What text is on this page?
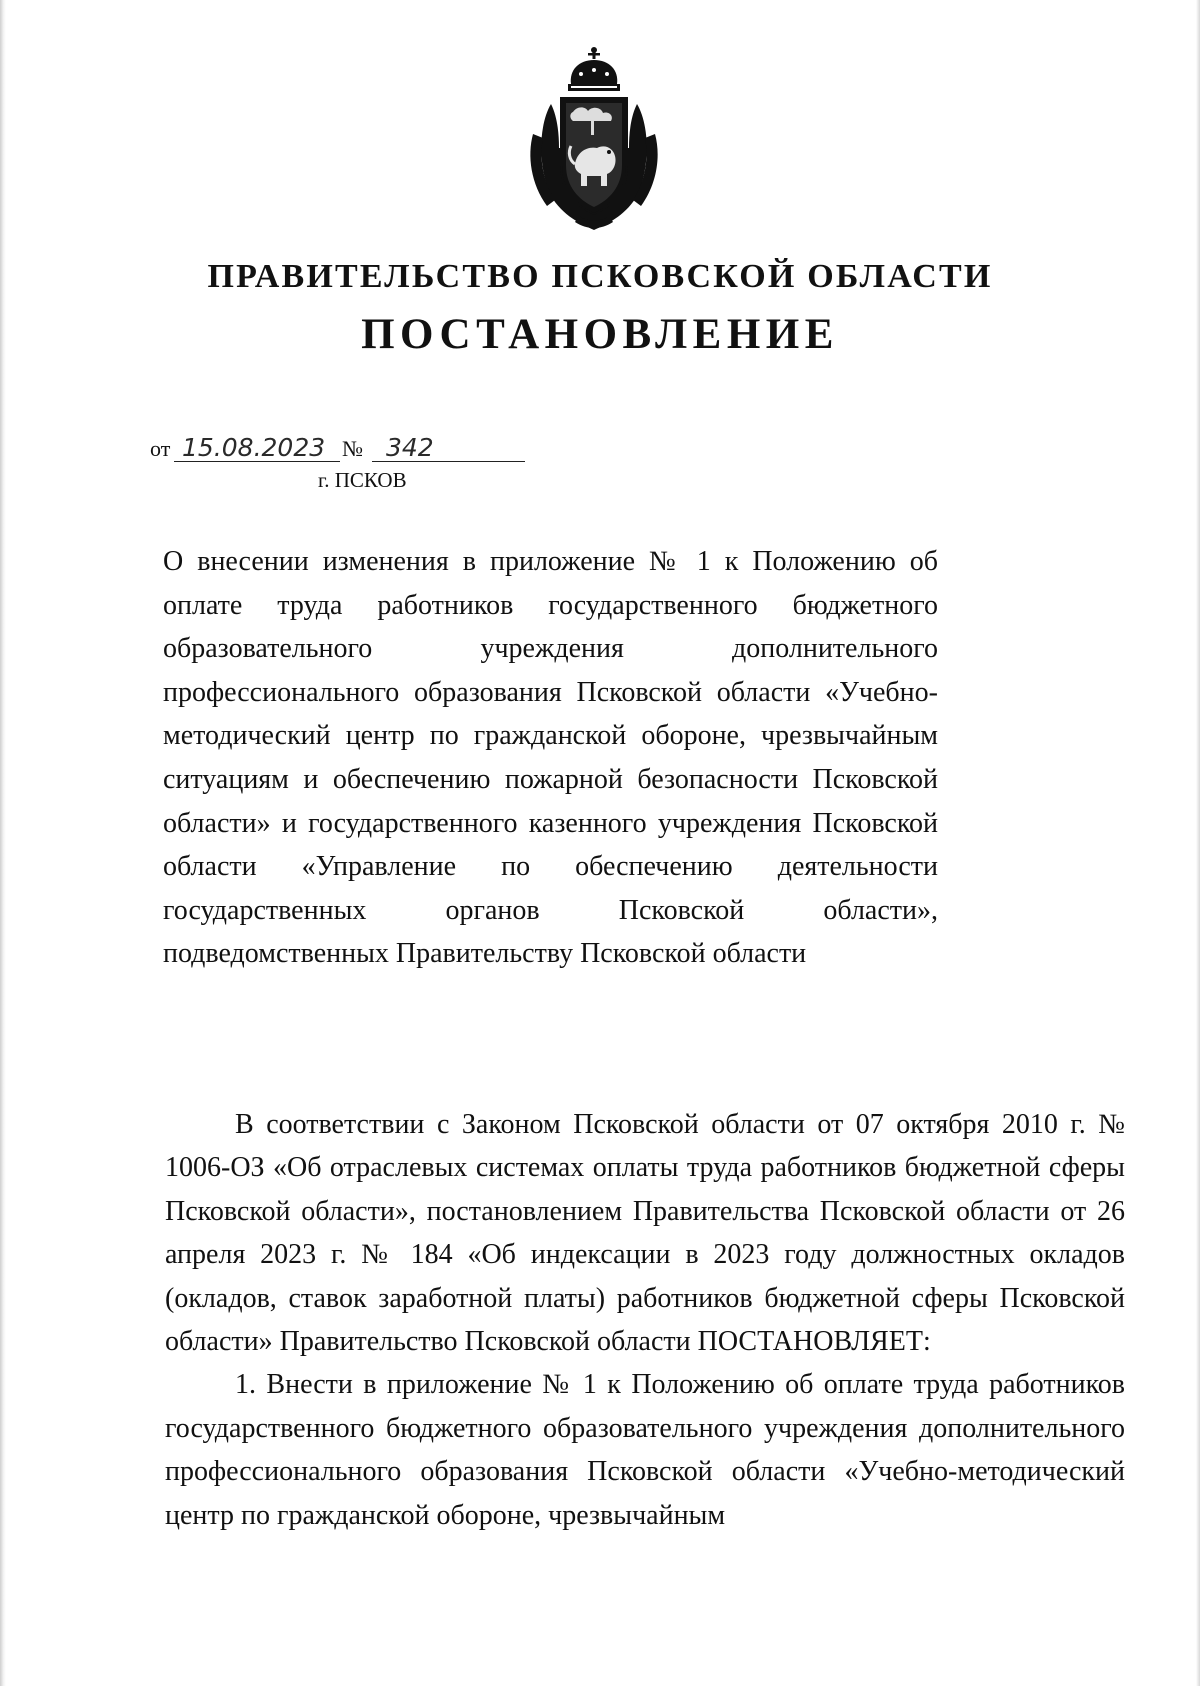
ПРАВИТЕЛЬСТВО ПСКОВСКОЙ ОБЛАСТИ
ПОСТАНОВЛЕНИЕ
от 15.08.2023 № 342
г. ПСКОВ
О внесении изменения в приложение № 1 к Положению об оплате труда работников государственного бюджетного образовательного учреждения дополнительного профессионального образования Псковской области «Учебно-методический центр по гражданской обороне, чрезвычайным ситуациям и обеспечению пожарной безопасности Псковской области» и государственного казенного учреждения Псковской области «Управление по обеспечению деятельности государственных органов Псковской области», подведомственных Правительству Псковской области

В соответствии с Законом Псковской области от 07 октября 2010 г. № 1006-ОЗ «Об отраслевых системах оплаты труда работников бюджетной сферы Псковской области», постановлением Правительства Псковской области от 26 апреля 2023 г. № 184 «Об индексации в 2023 году должностных окладов (окладов, ставок заработной платы) работников бюджетной сферы Псковской области» Правительство Псковской области ПОСТАНОВЛЯЕТ:

1. Внести в приложение № 1 к Положению об оплате труда работников государственного бюджетного образовательного учреждения дополнительного профессионального образования Псковской области «Учебно-методический центр по гражданской обороне, чрезвычайным
